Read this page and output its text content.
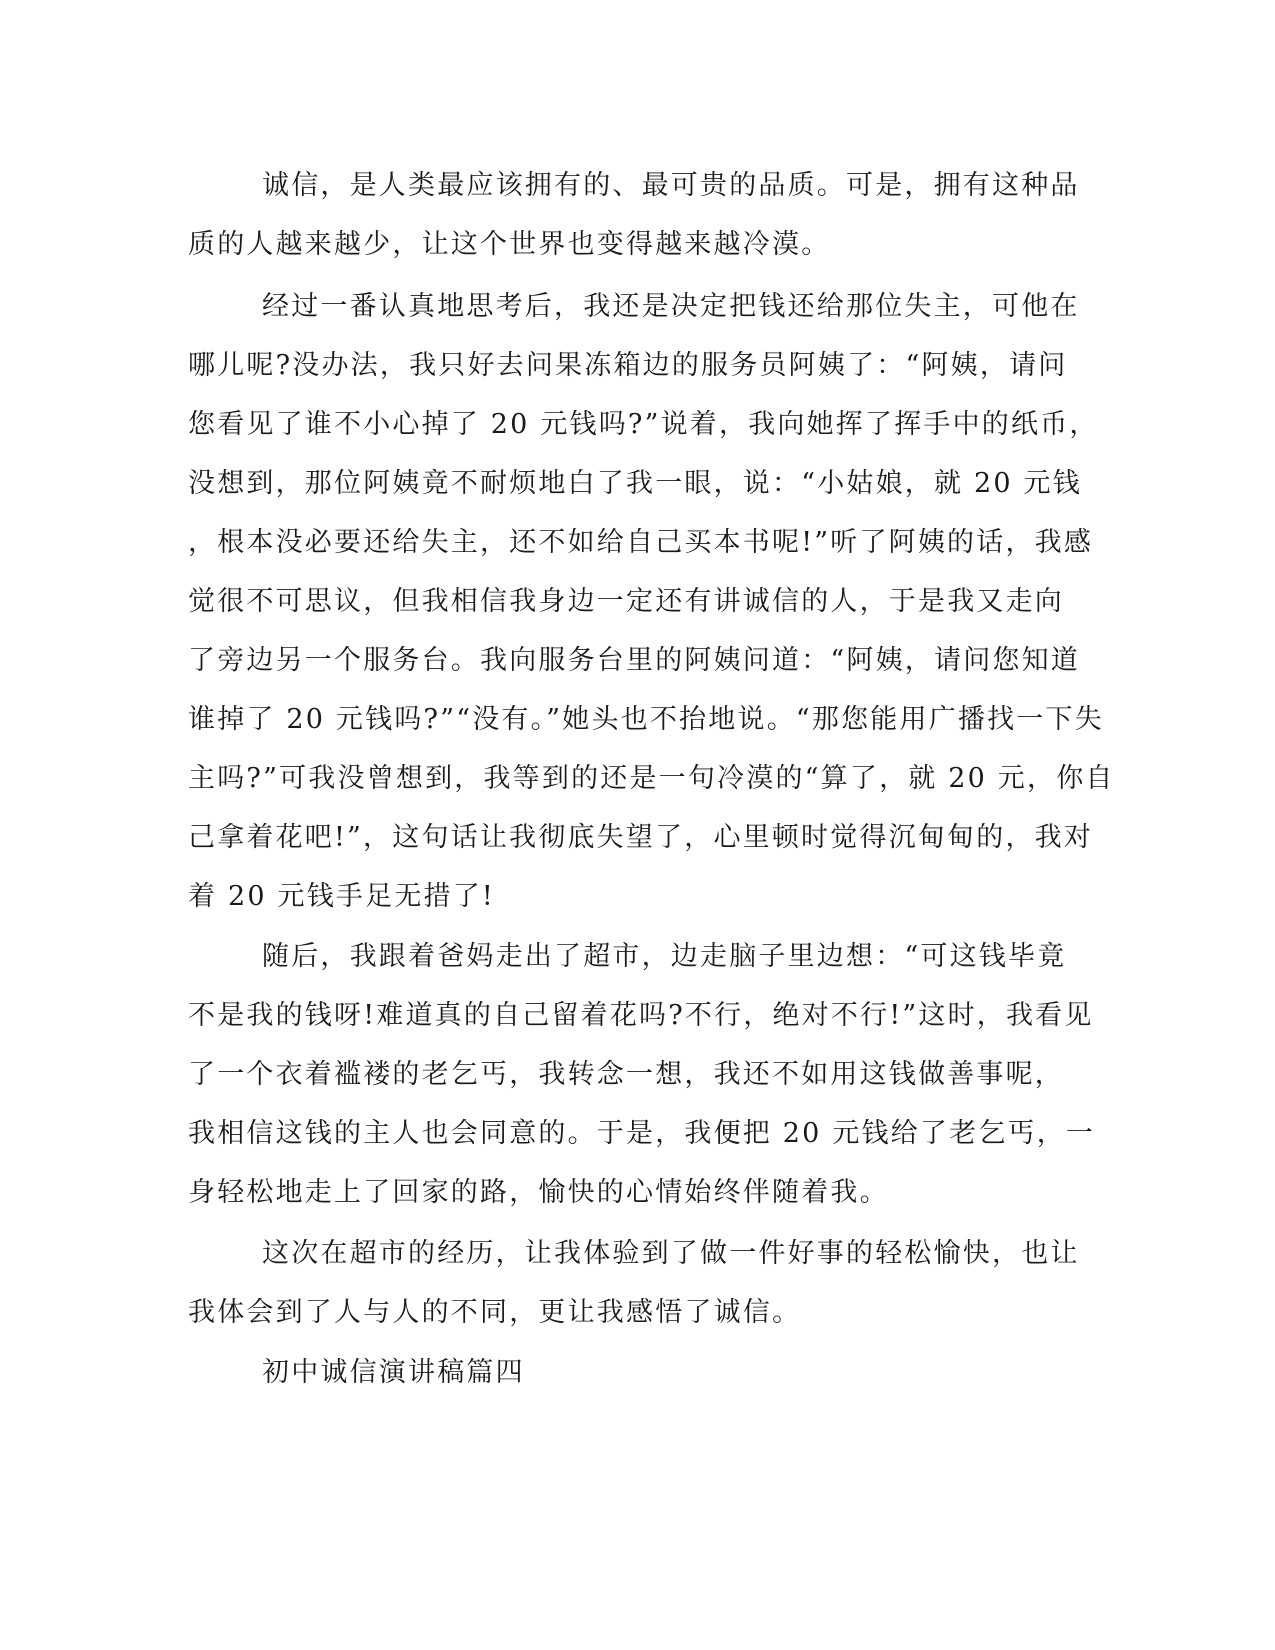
诚信，是人类最应该拥有的、最可贵的品质。可是，拥有这种品
质的人越来越少，让这个世界也变得越来越冷漠。
经过一番认真地思考后，我还是决定把钱还给那位失主，可他在
哪儿呢?没办法，我只好去问果冻箱边的服务员阿姨了：“阿姨，请问
您看见了谁不小心掉了 20 元钱吗?”说着，我向她挥了挥手中的纸币，
没想到，那位阿姨竟不耐烦地白了我一眼，说：“小姑娘，就 20 元钱
，根本没必要还给失主，还不如给自己买本书呢!”听了阿姨的话，我感
觉很不可思议，但我相信我身边一定还有讲诚信的人，于是我又走向
了旁边另一个服务台。我向服务台里的阿姨问道：“阿姨，请问您知道
谁掉了 20 元钱吗?”“没有。”她头也不抬地说。“那您能用广播找一下失
主吗?”可我没曾想到，我等到的还是一句冷漠的“算了，就 20 元，你自
己拿着花吧!”，这句话让我彻底失望了，心里顿时觉得沉甸甸的，我对
着 20 元钱手足无措了!
随后，我跟着爸妈走出了超市，边走脑子里边想：“可这钱毕竟
不是我的钱呀!难道真的自己留着花吗?不行，绝对不行!”这时，我看见
了一个衣着褴褛的老乞丐，我转念一想，我还不如用这钱做善事呢，
我相信这钱的主人也会同意的。于是，我便把 20 元钱给了老乞丐，一
身轻松地走上了回家的路，愉快的心情始终伴随着我。
这次在超市的经历，让我体验到了做一件好事的轻松愉快，也让
我体会到了人与人的不同，更让我感悟了诚信。
初中诚信演讲稿篇四
